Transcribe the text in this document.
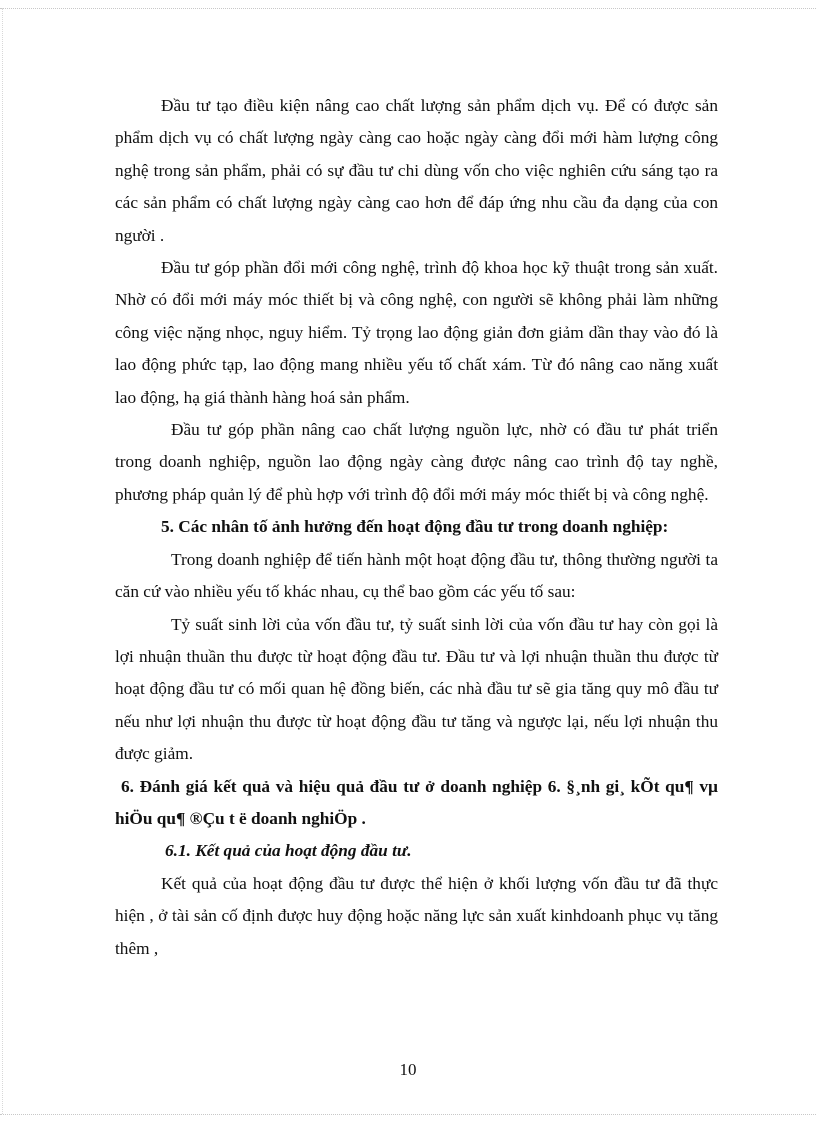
Đầu tư tạo điều kiện nâng cao chất lượng sản phẩm dịch vụ. Để có được sản phẩm dịch vụ có chất lượng ngày càng cao hoặc ngày càng đổi mới hàm lượng công nghệ trong sản phẩm, phải có sự đầu tư chi dùng vốn cho việc nghiên cứu sáng tạo ra các sản phẩm có chất lượng ngày càng cao hơn để đáp ứng nhu cầu đa dạng của con người .

Đầu tư góp phần đổi mới công nghệ, trình độ khoa học kỹ thuật trong sản xuất. Nhờ có đổi mới máy móc thiết bị và công nghệ, con người sẽ không phải làm những công việc nặng nhọc, nguy hiểm. Tỷ trọng lao động giản đơn giảm dần thay vào đó là lao động phức tạp, lao động mang nhiều yếu tố chất xám. Từ đó nâng cao năng xuất lao động, hạ giá thành hàng hoá sản phẩm.

Đầu tư góp phần nâng cao chất lượng nguồn lực, nhờ có đầu tư phát triển trong doanh nghiệp, nguồn lao động ngày càng được nâng cao trình độ tay nghề, phương pháp quản lý để phù hợp với trình độ đổi mới máy móc thiết bị và công nghệ.

5. Các nhân tố ảnh hưởng đến hoạt động đầu tư trong doanh nghiệp:

Trong doanh nghiệp để tiến hành một hoạt động đầu tư, thông thường người ta căn cứ vào nhiều yếu tố khác nhau, cụ thể bao gồm các yếu tố sau:

Tỷ suất sinh lời của vốn đầu tư, tỷ suất sinh lời của vốn đầu tư hay còn gọi là lợi nhuận thuần thu được từ hoạt động đầu tư. Đầu tư và lợi nhuận thuần thu được từ hoạt động đầu tư có mối quan hệ đồng biến, các nhà đầu tư sẽ gia tăng quy mô đầu tư nếu như lợi nhuận thu được từ hoạt động đầu tư tăng và ngược lại, nếu lợi nhuận thu được giảm.

6. Đánh giá kết quả và hiệu quả đầu tư ở doanh nghiệp 6. §¸nh gi¸ kÕt qu¶ vµ hiÖu qu¶ ®Çu t ë doanh nghiÖp .

6.1. Kết quả của hoạt động đầu tư.

Kết quả của hoạt động đầu tư được thể hiện ở khối lượng vốn đầu tư đã thực hiện , ở tài sản cố định được huy động hoặc năng lực sản xuất kinhdoanh phục vụ tăng thêm ,

10
